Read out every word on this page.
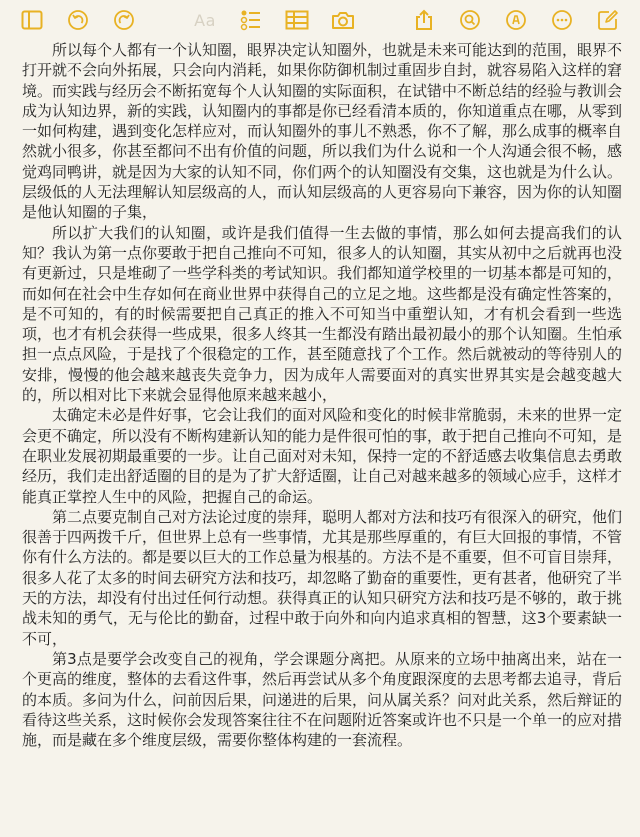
Aa

所以每个人都有一个认知圈，眼界决定认知圈外，也就是未来可能达到的范围，眼界不打开就不会向外拓展，只会向内消耗，如果你防御机制过重固步自封，就容易陷入这样的窘境。而实践与经历会不断拓宽每个人认知圈的实际面积，在试错中不断总结的经验与教训会成为认知边界，新的实践，认知圈内的事都是你已经看清本质的，你知道重点在哪，从零到一如何构建，遇到变化怎样应对，而认知圈外的事儿不熟悉，你不了解，那么成事的概率自然就小很多，你甚至都问不出有价值的问题，所以我们为什么说和一个人沟通会很不畅，感觉鸡同鸭讲，就是因为大家的认知不同，你们两个的认知圈没有交集，这也就是为什么认。层级低的人无法理解认知层级高的人，而认知层级高的人更容易向下兼容，因为你的认知圈是他认知圈的子集，

所以扩大我们的认知圈，或许是我们值得一生去做的事情，那么如何去提高我们的认知？我认为第一点你要敢于把自己推向不可知，很多人的认知圈，其实从初中之后就再也没有更新过，只是堆砌了一些学科类的考试知识。我们都知道学校里的一切基本都是可知的，而如何在社会中生存如何在商业世界中获得自己的立足之地。这些都是没有确定性答案的，是不可知的，有的时候需要把自己真正的推入不可知当中重塑认知，才有机会看到一些选项，也才有机会获得一些成果，很多人终其一生都没有踏出最初最小的那个认知圈。生怕承担一点点风险，于是找了个很稳定的工作，甚至随意找了个工作。然后就被动的等待别人的安排，慢慢的他会越来越丧失竞争力，因为成年人需要面对的真实世界其实是会越变越大的，所以相对比下来就会显得他原来越来越小，

太确定未必是件好事，它会让我们的面对风险和变化的时候非常脆弱，未来的世界一定会更不确定，所以没有不断构建新认知的能力是件很可怕的事，敢于把自己推向不可知，是在职业发展初期最重要的一步。让自己面对对未知，保持一定的不舒适感去收集信息去勇敢经历，我们走出舒适圈的目的是为了扩大舒适圈，让自己对越来越多的领域心应手，这样才能真正掌控人生中的风险，把握自己的命运。

第二点要克制自己对方法论过度的崇拜，聪明人都对方法和技巧有很深入的研究，他们很善于四两拨千斤，但世界上总有一些事情，尤其是那些厚重的，有巨大回报的事情，不管你有什么方法的。都是要以巨大的工作总量为根基的。方法不是不重要，但不可盲目崇拜，很多人花了太多的时间去研究方法和技巧，却忽略了勤奋的重要性，更有甚者，他研究了半天的方法，却没有付出过任何行动想。获得真正的认知只研究方法和技巧是不够的，敢于挑战未知的勇气，无与伦比的勤奋，过程中敢于向外和向内追求真相的智慧，这3个要素缺一不可，

第3点是要学会改变自己的视角，学会课题分离把。从原来的立场中抽离出来，站在一个更高的维度，整体的去看这件事，然后再尝试从多个角度跟深度的去思考都去追寻，背后的本质。多问为什么，问前因后果，问递进的后果，问从属关系？问对此关系，然后辩证的看待这些关系，这时候你会发现答案往往不在问题附近答案或许也不只是一个单一的应对措施，而是藏在多个维度层级，需要你整体构建的一套流程。
